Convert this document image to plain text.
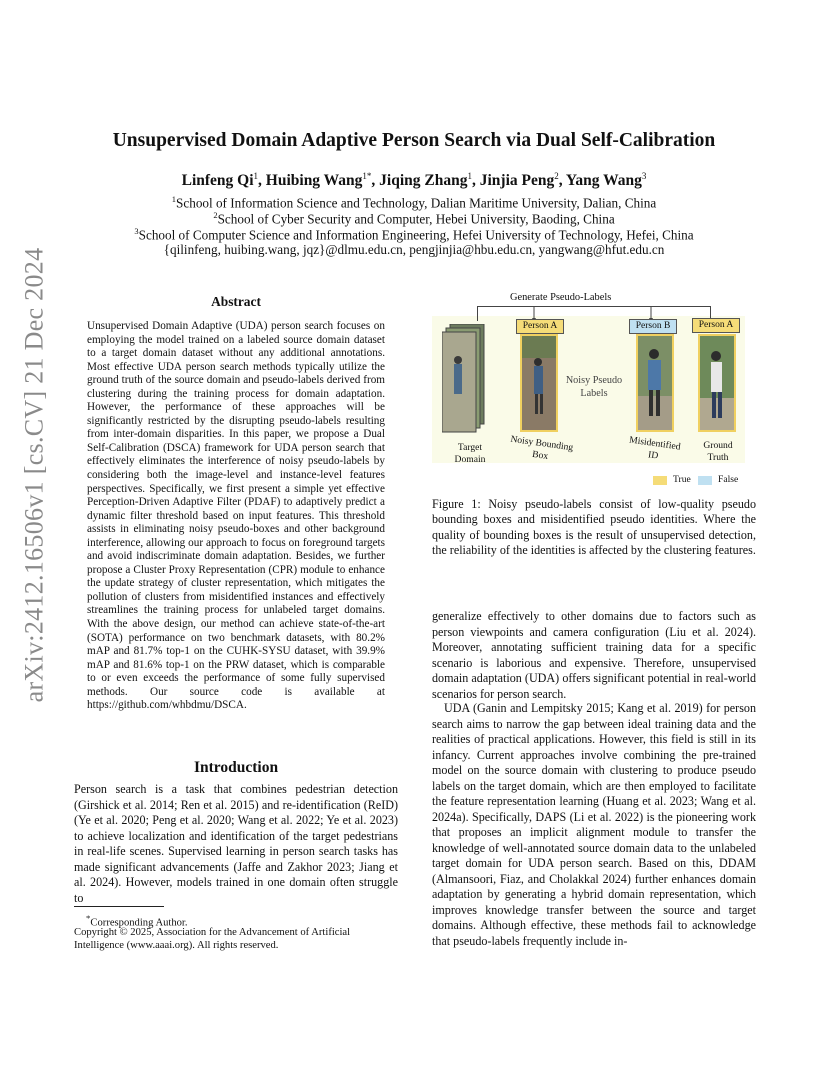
arXiv:2412.16506v1 [cs.CV] 21 Dec 2024
Unsupervised Domain Adaptive Person Search via Dual Self-Calibration
Linfeng Qi$^1$, Huibing Wang$^{1*}$, Jiqing Zhang$^1$, Jinjia Peng$^2$, Yang Wang$^3$
$^1$School of Information Science and Technology, Dalian Maritime University, Dalian, China
$^2$School of Cyber Security and Computer, Hebei University, Baoding, China
$^3$School of Computer Science and Information Engineering, Hefei University of Technology, Hefei, China
{qilinfeng, huibing.wang, jqz}@dlmu.edu.cn, pengjinjia@hbu.edu.cn, yangwang@hfut.edu.cn
Abstract
Unsupervised Domain Adaptive (UDA) person search focuses on employing the model trained on a labeled source domain dataset to a target domain dataset without any additional annotations. Most effective UDA person search methods typically utilize the ground truth of the source domain and pseudo-labels derived from clustering during the training process for domain adaptation. However, the performance of these approaches will be significantly restricted by the disrupting pseudo-labels resulting from inter-domain disparities. In this paper, we propose a Dual Self-Calibration (DSCA) framework for UDA person search that effectively eliminates the interference of noisy pseudo-labels by considering both the image-level and instance-level features perspectives. Specifically, we first present a simple yet effective Perception-Driven Adaptive Filter (PDAF) to adaptively predict a dynamic filter threshold based on input features. This threshold assists in eliminating noisy pseudo-boxes and other background interference, allowing our approach to focus on foreground targets and avoid indiscriminate domain adaptation. Besides, we further propose a Cluster Proxy Representation (CPR) module to enhance the update strategy of cluster representation, which mitigates the pollution of clusters from misidentified instances and effectively streamlines the training process for unlabeled target domains. With the above design, our method can achieve state-of-the-art (SOTA) performance on two benchmark datasets, with 80.2% mAP and 81.7% top-1 on the CUHK-SYSU dataset, with 39.9% mAP and 81.6% top-1 on the PRW dataset, which is comparable to or even exceeds the performance of some fully supervised methods. Our source code is available at https://github.com/whbdmu/DSCA.
Introduction
Person search is a task that combines pedestrian detection (Girshick et al. 2014; Ren et al. 2015) and re-identification (ReID) (Ye et al. 2020; Peng et al. 2020; Wang et al. 2022; Ye et al. 2023) to achieve localization and identification of the target pedestrians in real-life scenes. Supervised learning in person search tasks has made significant advancements (Jaffe and Zakhor 2023; Jiang et al. 2024). However, models trained in one domain often struggle to
*Corresponding Author.
Copyright © 2025, Association for the Advancement of Artificial Intelligence (www.aaai.org). All rights reserved.
Generate Pseudo-Labels
Person A	Person B	Person A
Noisy Pseudo Labels
Target Domain
Noisy Bounding Box
Misidentified ID
Ground Truth
True	False
Figure 1: Noisy pseudo-labels consist of low-quality pseudo bounding boxes and misidentified pseudo identities. Where the quality of bounding boxes is the result of unsupervised detection, the reliability of the identities is affected by the clustering features.
generalize effectively to other domains due to factors such as person viewpoints and camera configuration (Liu et al. 2024). Moreover, annotating sufficient training data for a specific scenario is laborious and expensive. Therefore, unsupervised domain adaptation (UDA) offers significant potential in real-world scenarios for person search.
UDA (Ganin and Lempitsky 2015; Kang et al. 2019) for person search aims to narrow the gap between ideal training data and the realities of practical applications. However, this field is still in its infancy. Current approaches involve combining the pre-trained model on the source domain with clustering to produce pseudo labels on the target domain, which are then employed to facilitate the feature representation learning (Huang et al. 2023; Wang et al. 2024a). Specifically, DAPS (Li et al. 2022) is the pioneering work that proposes an implicit alignment module to transfer the knowledge of well-annotated source domain data to the unlabeled target domain for UDA person search. Based on this, DDAM (Almansoori, Fiaz, and Cholakkal 2024) further enhances domain adaptation by generating a hybrid domain representation, which improves knowledge transfer between the source and target domains. Although effective, these methods fail to acknowledge that pseudo-labels frequently include in-
